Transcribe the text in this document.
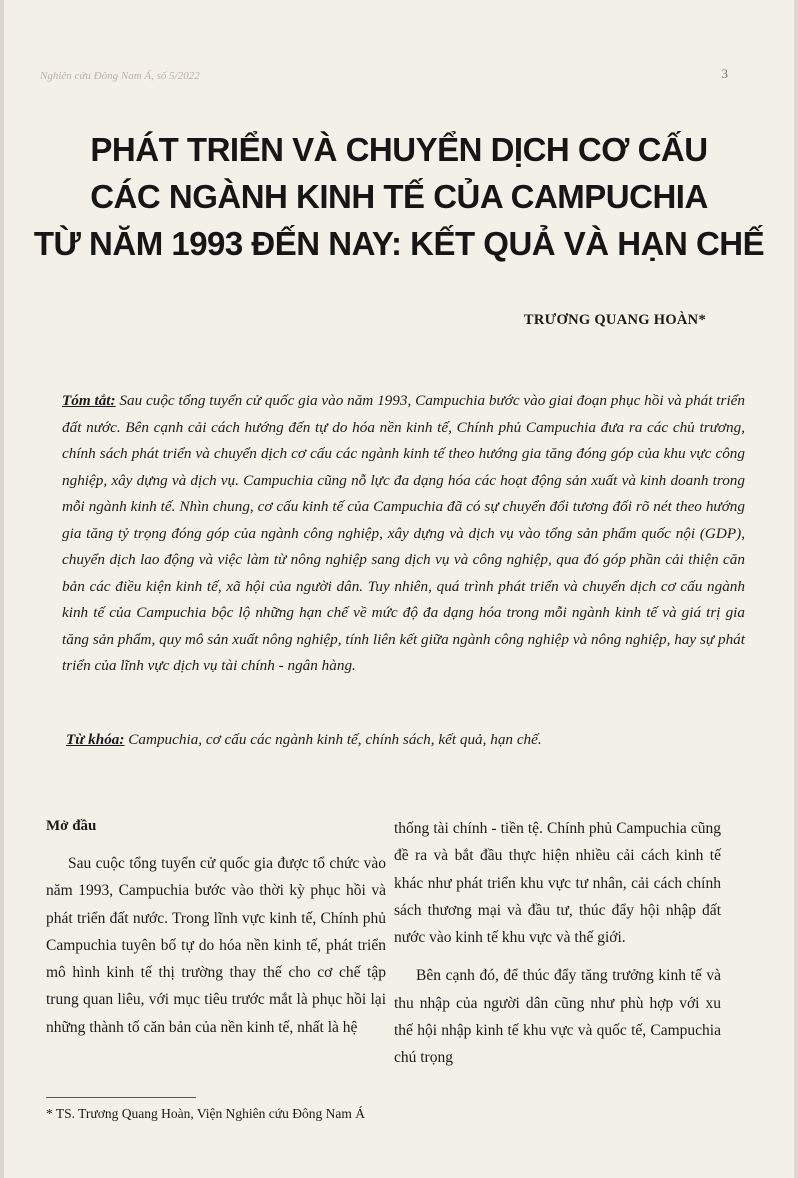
Nghiên cứu Đông Nam Á, số 5/2022	3
PHÁT TRIỂN VÀ CHUYỂN DỊCH CƠ CẤU
CÁC NGÀNH KINH TẾ CỦA CAMPUCHIA
TỪ NĂM 1993 ĐẾN NAY: KẾT QUẢ VÀ HẠN CHẾ
TRƯƠNG QUANG HOÀN*
Tóm tắt: Sau cuộc tổng tuyển cử quốc gia vào năm 1993, Campuchia bước vào giai đoạn phục hồi và phát triển đất nước. Bên cạnh cải cách hướng đến tự do hóa nền kinh tế, Chính phủ Campuchia đưa ra các chủ trương, chính sách phát triển và chuyển dịch cơ cấu các ngành kinh tế theo hướng gia tăng đóng góp của khu vực công nghiệp, xây dựng và dịch vụ. Campuchia cũng nỗ lực đa dạng hóa các hoạt động sản xuất và kinh doanh trong mỗi ngành kinh tế. Nhìn chung, cơ cấu kinh tế của Campuchia đã có sự chuyển đổi tương đối rõ nét theo hướng gia tăng tỷ trọng đóng góp của ngành công nghiệp, xây dựng và dịch vụ vào tổng sản phẩm quốc nội (GDP), chuyển dịch lao động và việc làm từ nông nghiệp sang dịch vụ và công nghiệp, qua đó góp phần cải thiện căn bản các điều kiện kinh tế, xã hội của người dân. Tuy nhiên, quá trình phát triển và chuyển dịch cơ cấu ngành kinh tế của Campuchia bộc lộ những hạn chế về mức độ đa dạng hóa trong mỗi ngành kinh tế và giá trị gia tăng sản phẩm, quy mô sản xuất nông nghiệp, tính liên kết giữa ngành công nghiệp và nông nghiệp, hay sự phát triển của lĩnh vực dịch vụ tài chính - ngân hàng.
Từ khóa: Campuchia, cơ cấu các ngành kinh tế, chính sách, kết quả, hạn chế.
Mở đầu

Sau cuộc tổng tuyển cử quốc gia được tổ chức vào năm 1993, Campuchia bước vào thời kỳ phục hồi và phát triển đất nước. Trong lĩnh vực kinh tế, Chính phủ Campuchia tuyên bố tự do hóa nền kinh tế, phát triển mô hình kinh tế thị trường thay thế cho cơ chế tập trung quan liêu, với mục tiêu trước mắt là phục hồi lại những thành tố căn bản của nền kinh tế, nhất là hệ

thống tài chính - tiền tệ. Chính phủ Campuchia cũng đề ra và bắt đầu thực hiện nhiều cải cách kinh tế khác như phát triển khu vực tư nhân, cải cách chính sách thương mại và đầu tư, thúc đẩy hội nhập đất nước vào kinh tế khu vực và thế giới.

Bên cạnh đó, để thúc đẩy tăng trưởng kinh tế và thu nhập của người dân cũng như phù hợp với xu thế hội nhập kinh tế khu vực và quốc tế, Campuchia chú trọng

* TS. Trương Quang Hoàn, Viện Nghiên cứu Đông Nam Á
